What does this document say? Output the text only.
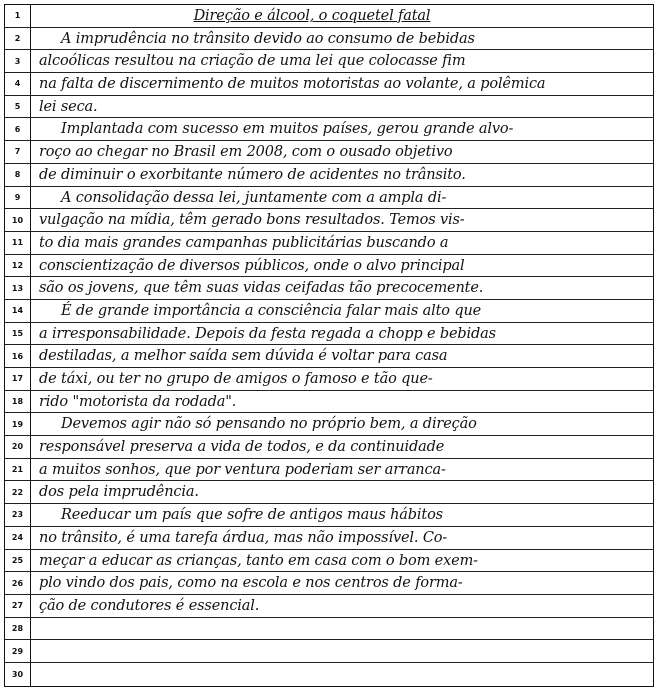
1	Direção e álcool, o coquetel fatal
2	A imprudência no trânsito devido ao consumo de bebidas
3	alcoólicas resultou na criação de uma lei que colocasse fim
4	na falta de discernimento de muitos motoristas ao volante, a polêmica
5	lei seca.
6	Implantada com sucesso em muitos países, gerou grande alvo-
7	roço ao chegar no Brasil em 2008, com o ousado objetivo
8	de diminuir o exorbitante número de acidentes no trânsito.
9	A consolidação dessa lei, juntamente com a ampla di-
10	vulgação na mídia, têm gerado bons resultados. Temos vis-
11	to dia mais grandes campanhas publicitárias buscando a
12	conscientização de diversos públicos, onde o alvo principal
13	são os jovens, que têm suas vidas ceifadas tão precocemente.
14	É de grande importância a consciência falar mais alto que
15	a irresponsabilidade. Depois da festa regada a chopp e bebidas
16	destiladas, a melhor saída sem dúvida é voltar para casa
17	de táxi, ou ter no grupo de amigos o famoso e tão que-
18	rido "motorista da rodada".
19	Devemos agir não só pensando no próprio bem, a direção
20	responsável preserva a vida de todos, e da continuidade
21	a muitos sonhos, que por ventura poderiam ser arranca-
22	dos pela imprudência.
23	Reeducar um país que sofre de antigos maus hábitos
24	no trânsito, é uma tarefa árdua, mas não impossível. Co-
25	meçar a educar as crianças, tanto em casa com o bom exem-
26	plo vindo dos pais, como na escola e nos centros de forma-
27	ção de condutores é essencial.
28
29
30
